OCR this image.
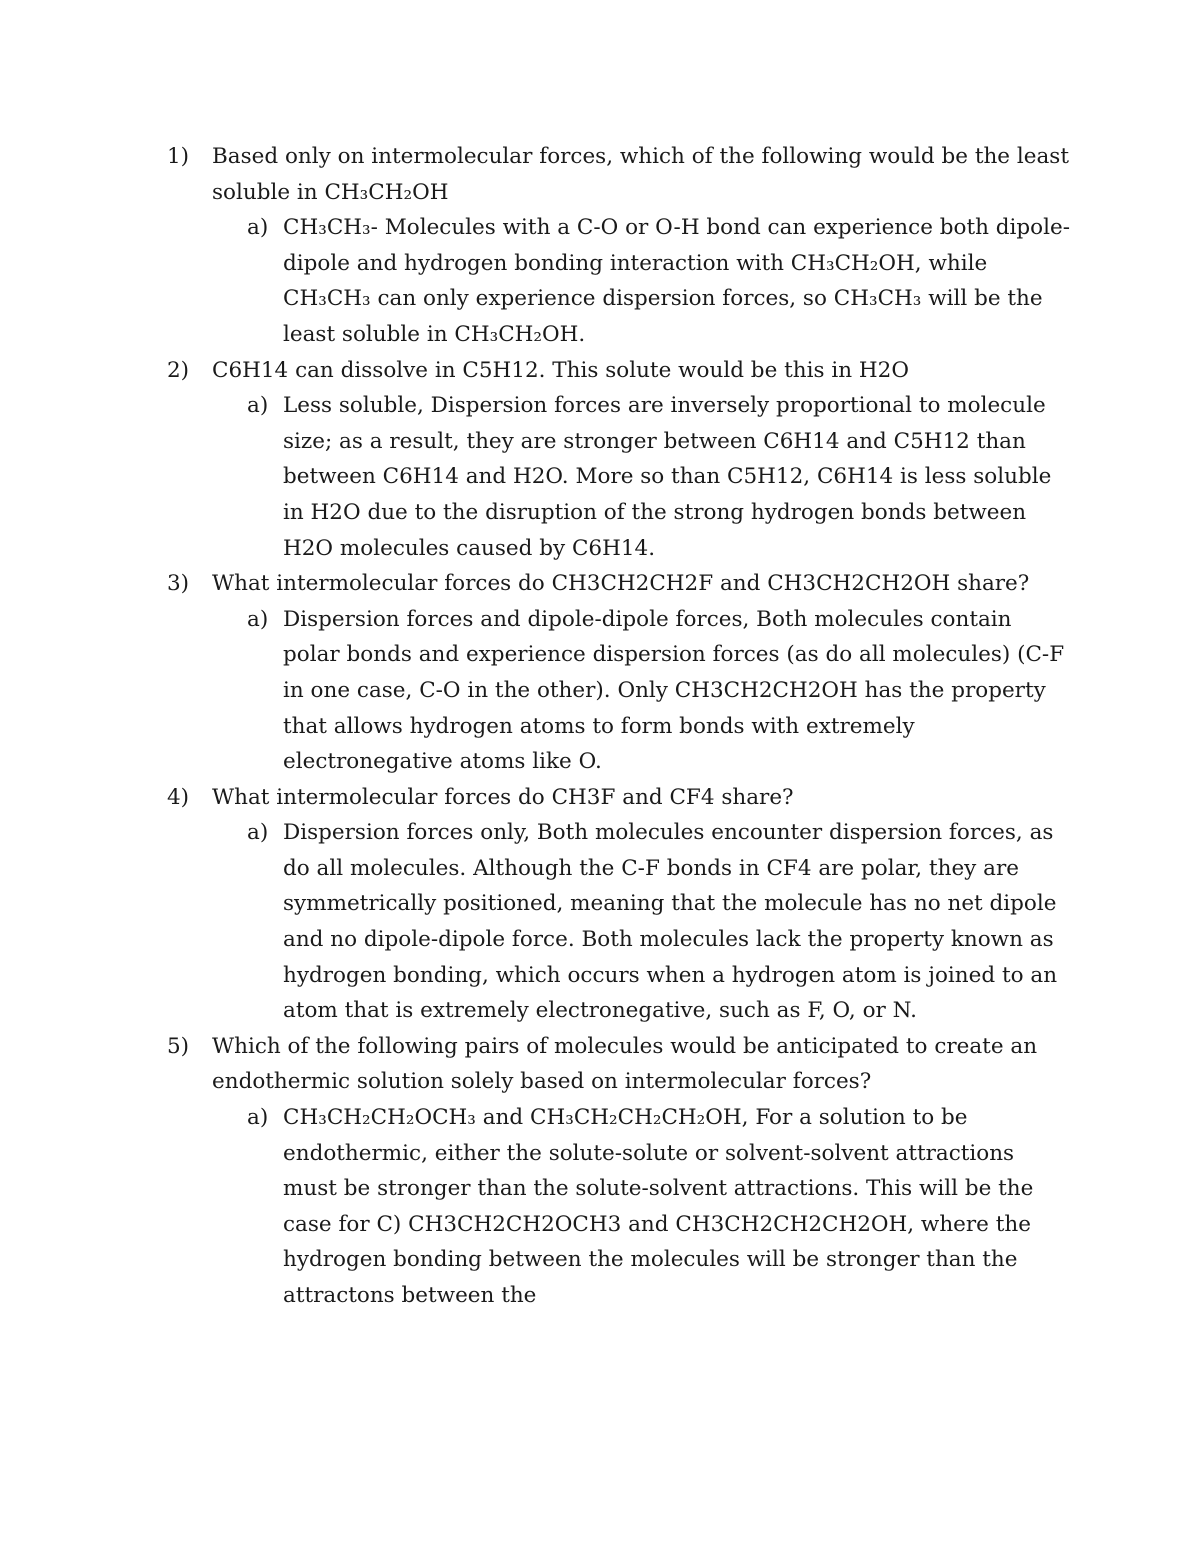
1) Based only on intermolecular forces, which of the following would be the least soluble in CH₃CH₂OH
a) CH₃CH₃- Molecules with a C-O or O-H bond can experience both dipole-dipole and hydrogen bonding interaction with CH₃CH₂OH, while CH₃CH₃ can only experience dispersion forces, so CH₃CH₃ will be the least soluble in CH₃CH₂OH.
2) C6H14 can dissolve in C5H12. This solute would be this in H2O
a) Less soluble, Dispersion forces are inversely proportional to molecule size; as a result, they are stronger between C6H14 and C5H12 than between C6H14 and H2O. More so than C5H12, C6H14 is less soluble in H2O due to the disruption of the strong hydrogen bonds between H2O molecules caused by C6H14.
3) What intermolecular forces do CH3CH2CH2F and CH3CH2CH2OH share?
a) Dispersion forces and dipole-dipole forces, Both molecules contain polar bonds and experience dispersion forces (as do all molecules) (C-F in one case, C-O in the other). Only CH3CH2CH2OH has the property that allows hydrogen atoms to form bonds with extremely electronegative atoms like O.
4) What intermolecular forces do CH3F and CF4 share?
a) Dispersion forces only, Both molecules encounter dispersion forces, as do all molecules. Although the C-F bonds in CF4 are polar, they are symmetrically positioned, meaning that the molecule has no net dipole and no dipole-dipole force. Both molecules lack the property known as hydrogen bonding, which occurs when a hydrogen atom is joined to an atom that is extremely electronegative, such as F, O, or N.
5) Which of the following pairs of molecules would be anticipated to create an endothermic solution solely based on intermolecular forces?
a) CH₃CH₂CH₂OCH₃ and CH₃CH₂CH₂CH₂OH, For a solution to be endothermic, either the solute-solute or solvent-solvent attractions must be stronger than the solute-solvent attractions. This will be the case for C) CH3CH2CH2OCH3 and CH3CH2CH2CH2OH, where the hydrogen bonding between the molecules will be stronger than the attractons between the
